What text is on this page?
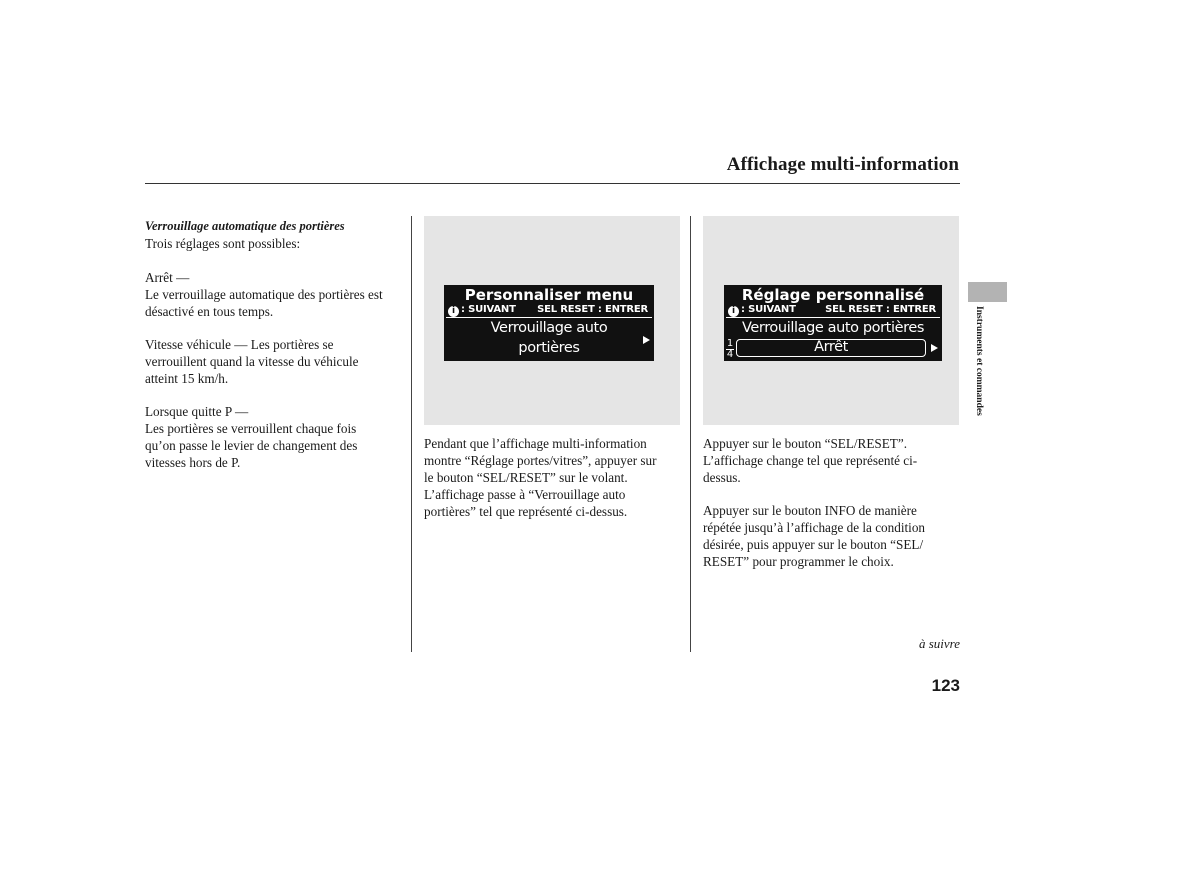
Affichage multi-information

Verrouillage automatique des portières

Trois réglages sont possibles:

Arrêt —

Le verrouillage automatique des portières est

désactivé en tous temps.

Vitesse véhicule — Les portières se

verrouillent quand la vitesse du véhicule

atteint 15 km/h.

Lorsque quitte P —

Les portières se verrouillent chaque fois

qu’on passe le levier de changement des

vitesses hors de P.

Personnaliser menu
i : SUIVANT SEL RESET : ENTRER
Verrouillage auto
portières
Réglage personnalisé
i : SUIVANT	SEL RESET : ENTRER
Verrouillage auto portières
1
4	Arrêt

Pendant que l’affichage multi-information

montre “Réglage portes/vitres”, appuyer sur

le bouton “SEL/RESET” sur le volant.

L’affichage passe à “Verrouillage auto

portières” tel que représenté ci-dessus.

Appuyer sur le bouton “SEL/RESET”.

L’affichage change tel que représenté ci-

dessus.

Appuyer sur le bouton INFO de manière

répétée jusqu’à l’affichage de la condition

désirée, puis appuyer sur le bouton “SEL/

RESET” pour programmer le choix.

Instruments et commandes
à suivre
123
